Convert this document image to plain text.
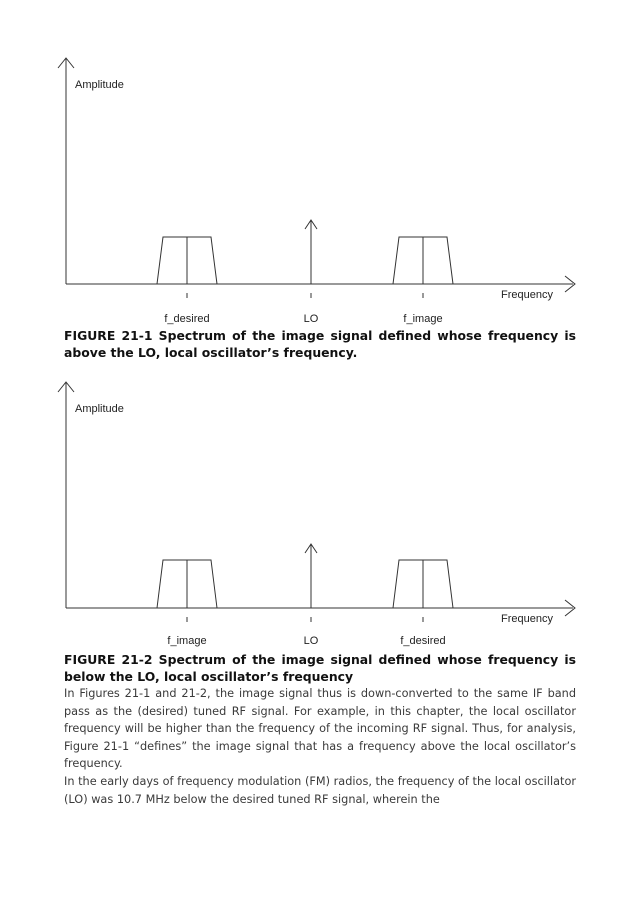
Amplitude
Frequency
f_desired	LO	f_image
FIGURE 21-1 Spectrum of the image signal defined whose frequency is above the LO, local oscillator’s frequency.
Amplitude
Frequency
f_image	LO	f_desired
FIGURE 21-2 Spectrum of the image signal defined whose frequency is below the LO, local oscillator’s frequency

In Figures 21-1 and 21-2, the image signal thus is down-converted to the same IF band pass as the (desired) tuned RF signal. For example, in this chapter, the local oscillator frequency will be higher than the frequency of the incoming RF signal. Thus, for analysis, Figure 21-1 “defines” the image signal that has a frequency above the local oscillator’s frequency.

In the early days of frequency modulation (FM) radios, the frequency of the local oscillator (LO) was 10.7 MHz below the desired tuned RF signal, wherein the
